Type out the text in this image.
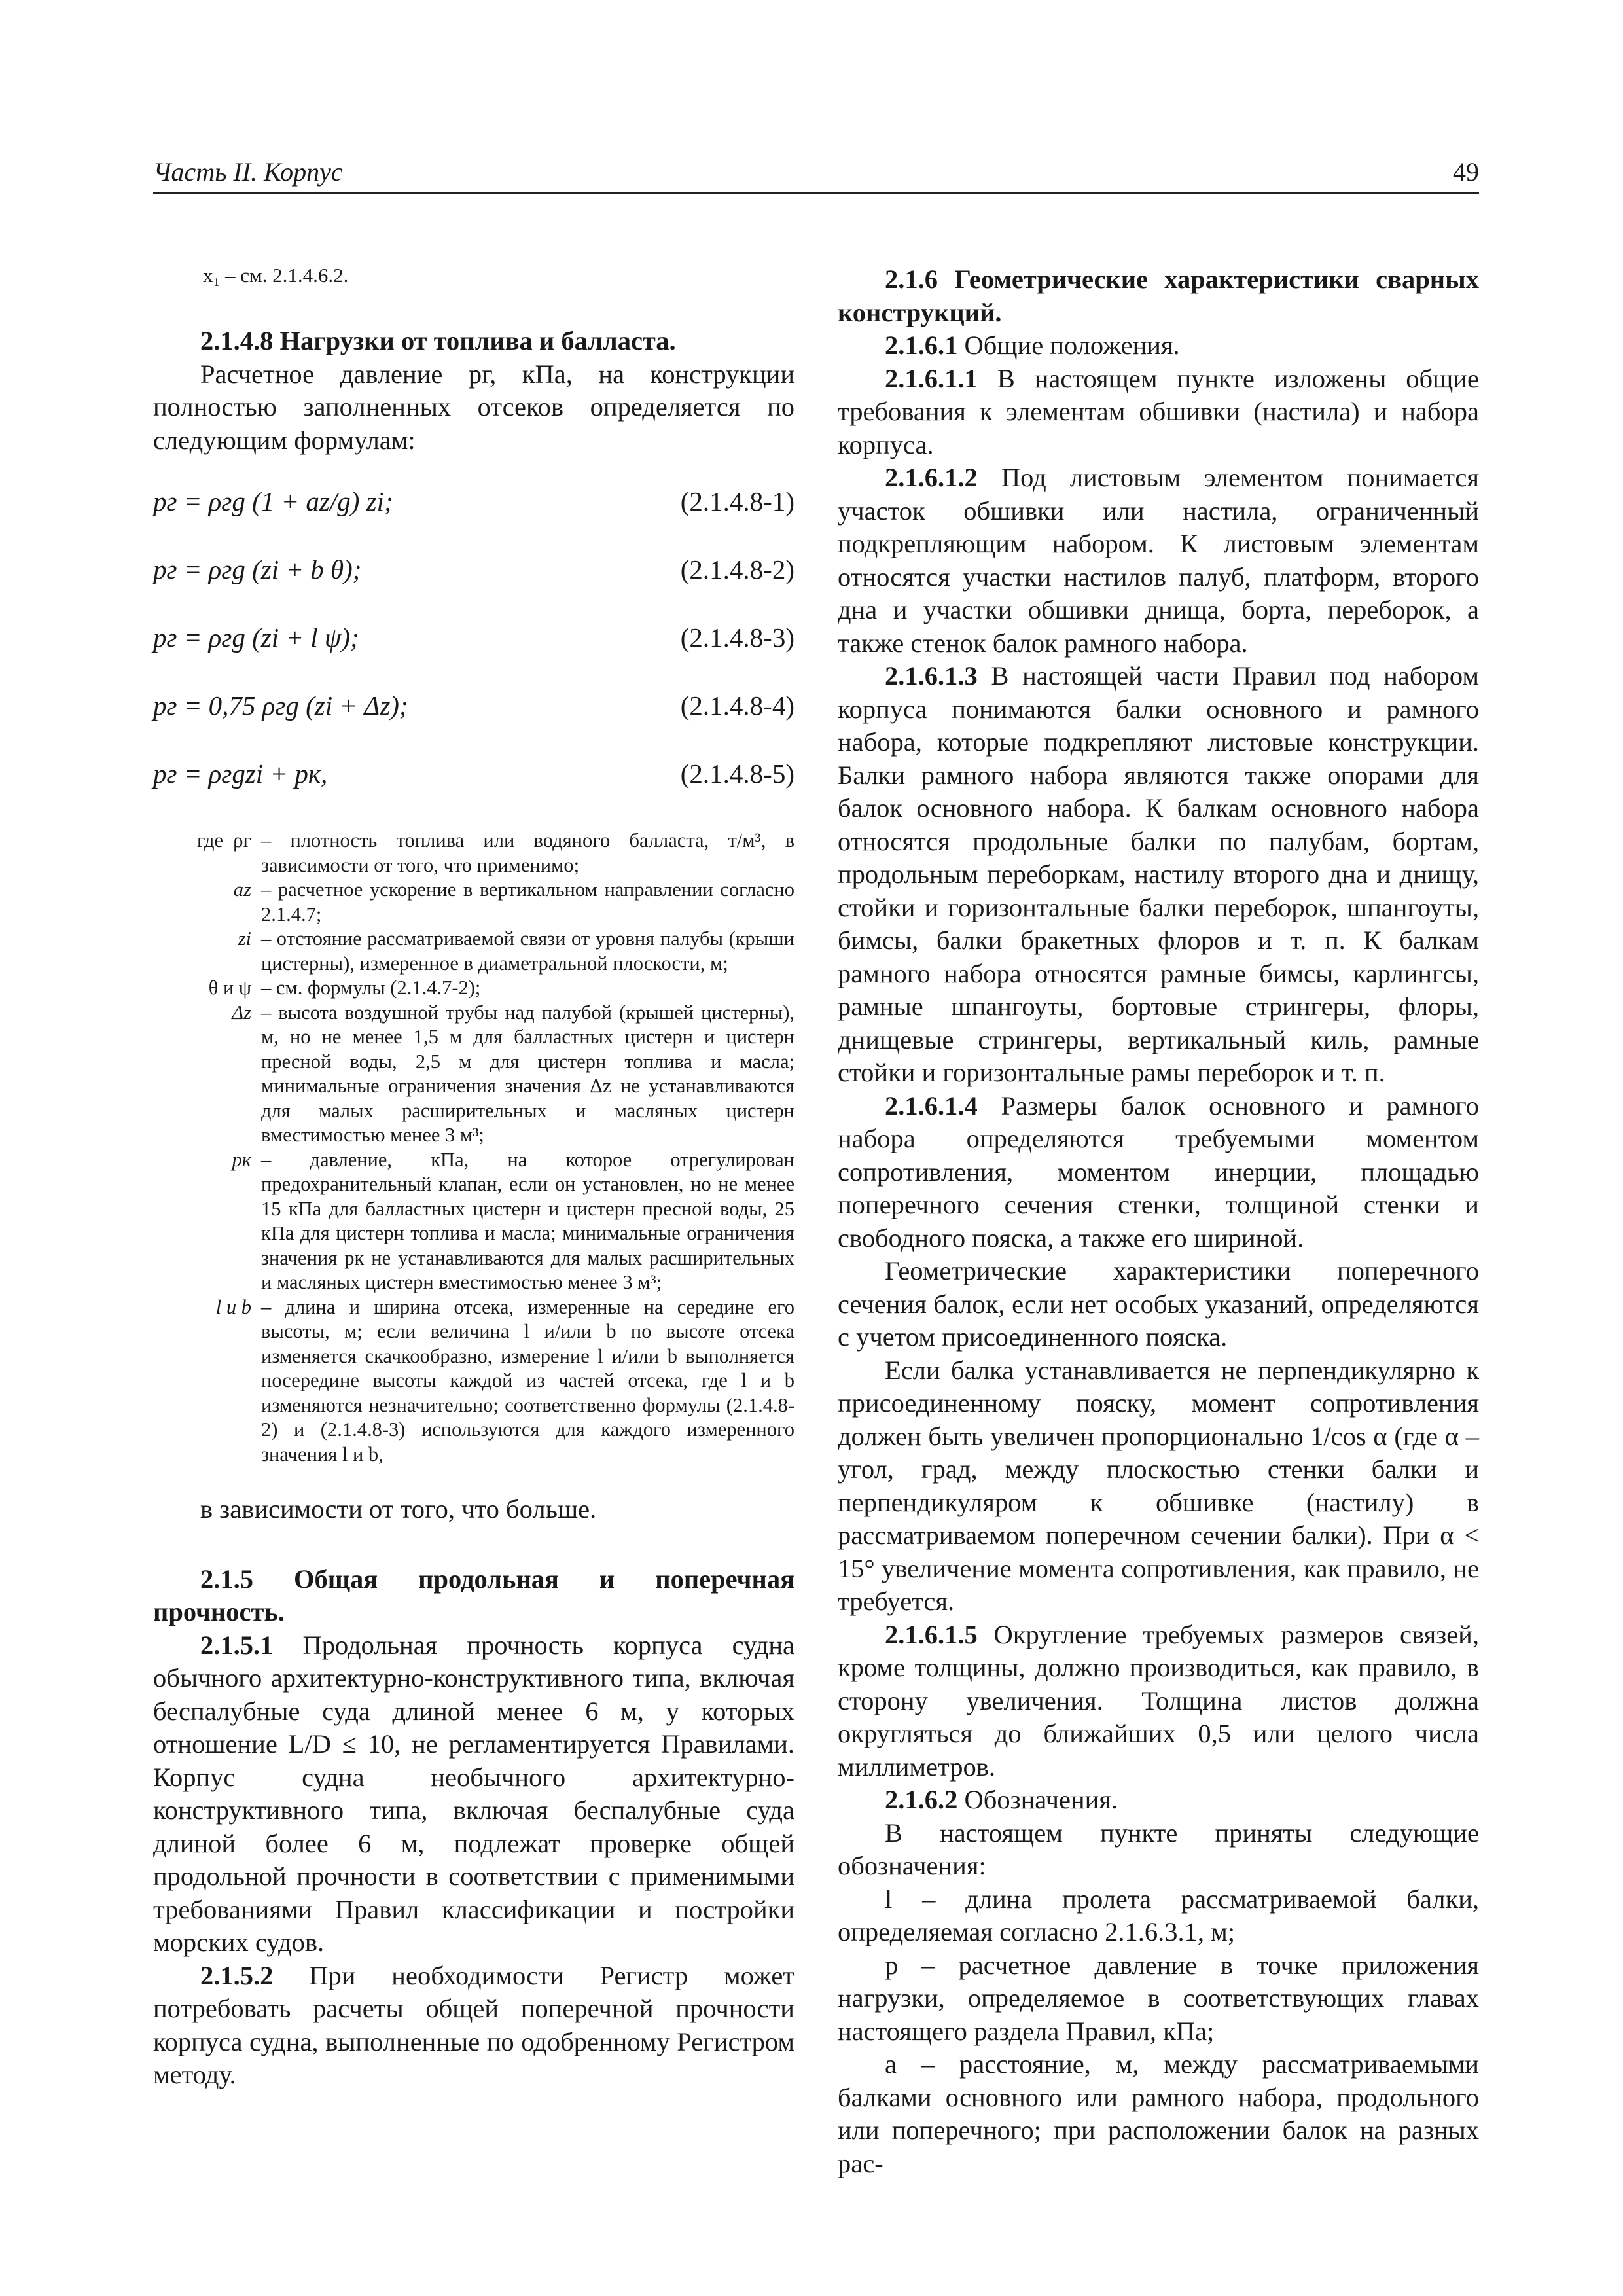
Часть II. Корпус	49

x₁ – см. 2.1.4.6.2.

2.1.4.8 Нагрузки от топлива и балласта.

Расчетное давление pг, кПа, на конструкции полностью заполненных отсеков определяется по следующим формулам:

pг = ρгg (1 + az/g) zi;	(2.1.4.8-1)
pг = ρгg (zi + b θ);	(2.1.4.8-2)
pг = ρгg (zi + l ψ);	(2.1.4.8-3)
pг = 0,75 ρгg (zi + Δz);	(2.1.4.8-4)
pг = ρгgzi + pк,	(2.1.4.8-5)
где ρг – плотность топлива или водяного балласта, т/м³, в зависимости от того, что применимо;
az – расчетное ускорение в вертикальном направлении согласно 2.1.4.7;
zi – отстояние рассматриваемой связи от уровня палубы (крыши цистерны), измеренное в диаметральной плоскости, м;
θ и ψ – см. формулы (2.1.4.7-2);
Δz – высота воздушной трубы над палубой (крышей цистерны), м, но не менее 1,5 м для балластных цистерн и цистерн пресной воды, 2,5 м для цистерн топлива и масла; минимальные ограничения значения Δz не устанавливаются для малых расширительных и масляных цистерн вместимостью менее 3 м³;
pк – давление, кПа, на которое отрегулирован предохранительный клапан, если он установлен, но не менее 15 кПа для балластных цистерн и цистерн пресной воды, 25 кПа для цистерн топлива и масла; минимальные ограничения значения pк не устанавливаются для малых расширительных и масляных цистерн вместимостью менее 3 м³;
l и b – длина и ширина отсека, измеренные на середине его высоты, м; если величина l и/или b по высоте отсека изменяется скачкообразно, измерение l и/или b выполняется посередине высоты каждой из частей отсека, где l и b изменяются незначительно; соответственно формулы (2.1.4.8-2) и (2.1.4.8-3) используются для каждого измеренного значения l и b,

в зависимости от того, что больше.

2.1.5 Общая продольная и поперечная прочность.

2.1.5.1 Продольная прочность корпуса судна обычного архитектурно-конструктивного типа, включая беспалубные суда длиной менее 6 м, у которых отношение L/D ≤ 10, не регламентируется Правилами. Корпус судна необычного архитектурно-конструктивного типа, включая беспалубные суда длиной более 6 м, подлежат проверке общей продольной прочности в соответствии с применимыми требованиями Правил классификации и постройки морских судов.

2.1.5.2 При необходимости Регистр может потребовать расчеты общей поперечной прочности корпуса судна, выполненные по одобренному Регистром методу.

2.1.6 Геометрические характеристики сварных конструкций.

2.1.6.1 Общие положения.

2.1.6.1.1 В настоящем пункте изложены общие требования к элементам обшивки (настила) и набора корпуса.

2.1.6.1.2 Под листовым элементом понимается участок обшивки или настила, ограниченный подкрепляющим набором. К листовым элементам относятся участки настилов палуб, платформ, второго дна и участки обшивки днища, борта, переборок, а также стенок балок рамного набора.

2.1.6.1.3 В настоящей части Правил под набором корпуса понимаются балки основного и рамного набора, которые подкрепляют листовые конструкции. Балки рамного набора являются также опорами для балок основного набора. К балкам основного набора относятся продольные балки по палубам, бортам, продольным переборкам, настилу второго дна и днищу, стойки и горизонтальные балки переборок, шпангоуты, бимсы, балки бракетных флоров и т. п. К балкам рамного набора относятся рамные бимсы, карлингсы, рамные шпангоуты, бортовые стрингеры, флоры, днищевые стрингеры, вертикальный киль, рамные стойки и горизонтальные рамы переборок и т. п.

2.1.6.1.4 Размеры балок основного и рамного набора определяются требуемыми моментом сопротивления, моментом инерции, площадью поперечного сечения стенки, толщиной стенки и свободного пояска, а также его шириной.

Геометрические характеристики поперечного сечения балок, если нет особых указаний, определяются с учетом присоединенного пояска.

Если балка устанавливается не перпендикулярно к присоединенному пояску, момент сопротивления должен быть увеличен пропорционально 1/cos α (где α – угол, град, между плоскостью стенки балки и перпендикуляром к обшивке (настилу) в рассматриваемом поперечном сечении балки). При α < 15° увеличение момента сопротивления, как правило, не требуется.

2.1.6.1.5 Округление требуемых размеров связей, кроме толщины, должно производиться, как правило, в сторону увеличения. Толщина листов должна округляться до ближайших 0,5 или целого числа миллиметров.

2.1.6.2 Обозначения.

В настоящем пункте приняты следующие обозначения:

l – длина пролета рассматриваемой балки, определяемая согласно 2.1.6.3.1, м;

p – расчетное давление в точке приложения нагрузки, определяемое в соответствующих главах настоящего раздела Правил, кПа;

a – расстояние, м, между рассматриваемыми балками основного или рамного набора, продольного или поперечного; при расположении балок на разных рас-
